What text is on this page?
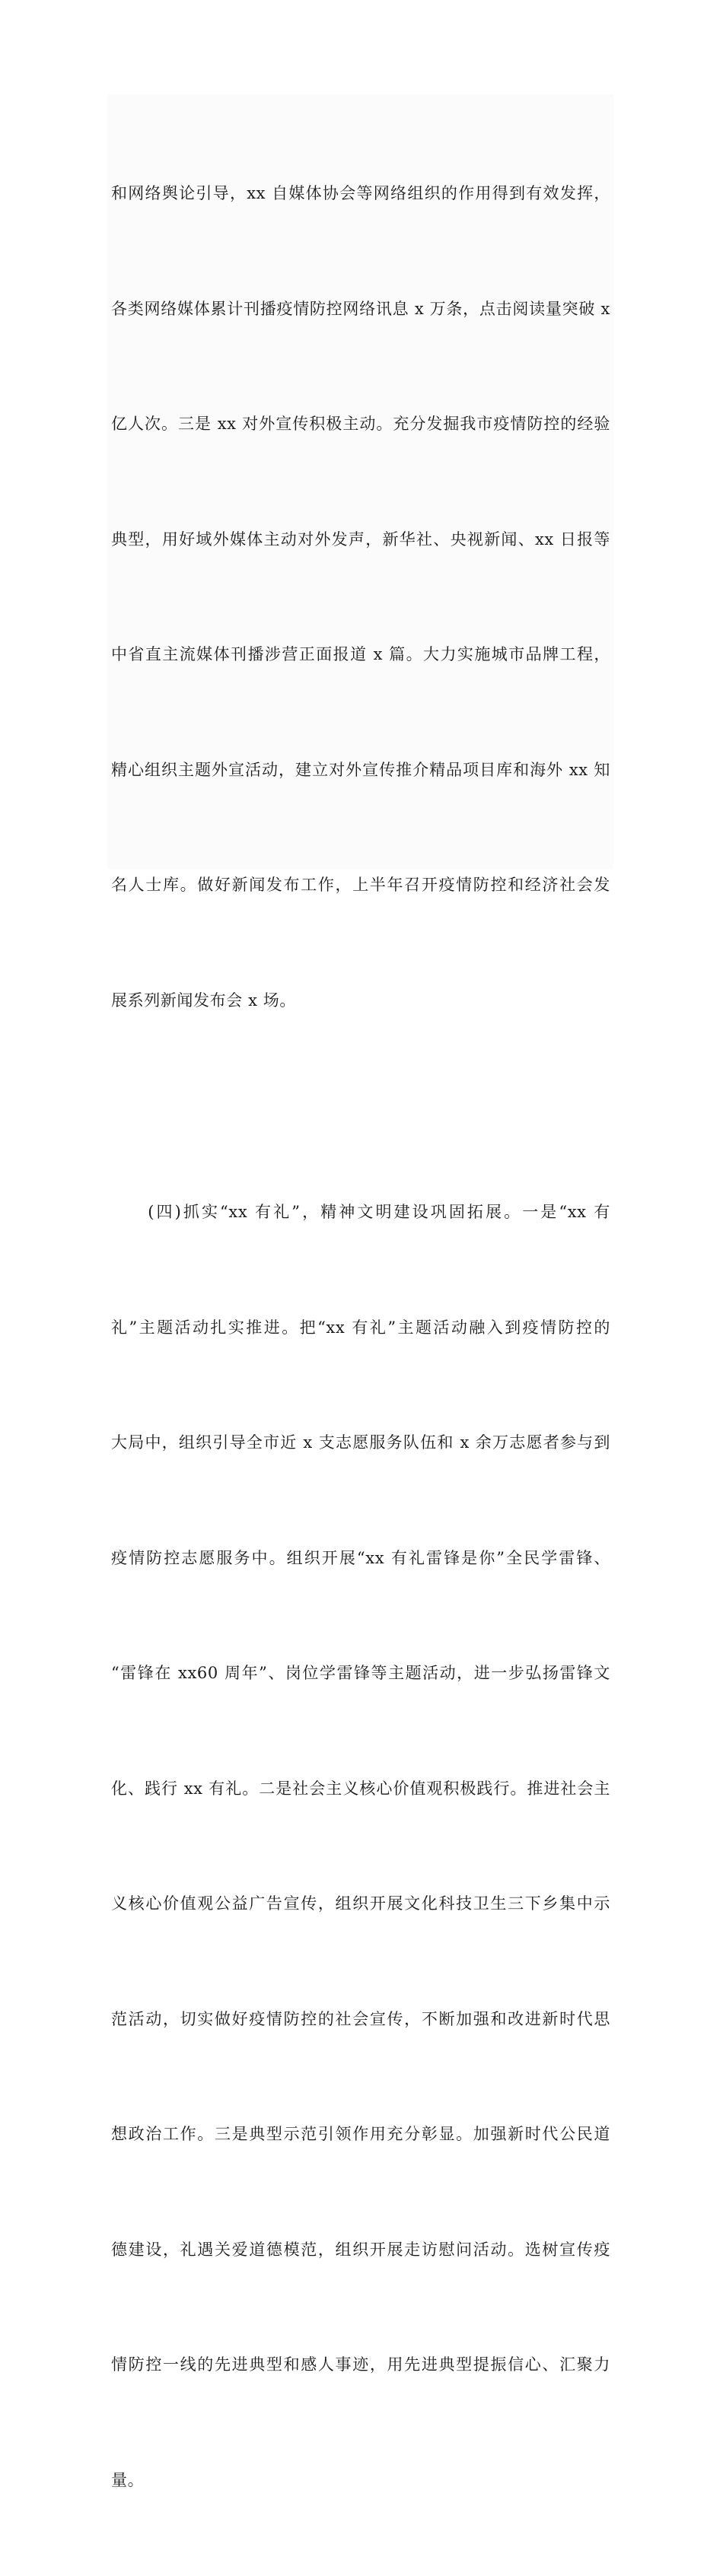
和网络舆论引导，xx 自媒体协会等网络组织的作用得到有效发挥，

各类网络媒体累计刊播疫情防控网络讯息 x 万条，点击阅读量突破 x

亿人次。三是 xx 对外宣传积极主动。充分发掘我市疫情防控的经验

典型，用好域外媒体主动对外发声，新华社、央视新闻、xx 日报等

中省直主流媒体刊播涉营正面报道 x 篇。大力实施城市品牌工程，

精心组织主题外宣活动，建立对外宣传推介精品项目库和海外 xx 知

名人士库。做好新闻发布工作，上半年召开疫情防控和经济社会发

展系列新闻发布会 x 场。

　　(四)抓实“xx 有礼”，精神文明建设巩固拓展。一是“xx 有

礼”主题活动扎实推进。把“xx 有礼”主题活动融入到疫情防控的

大局中，组织引导全市近 x 支志愿服务队伍和 x 余万志愿者参与到

疫情防控志愿服务中。组织开展“xx 有礼雷锋是你”全民学雷锋、

“雷锋在 xx60 周年”、岗位学雷锋等主题活动，进一步弘扬雷锋文

化、践行 xx 有礼。二是社会主义核心价值观积极践行。推进社会主

义核心价值观公益广告宣传，组织开展文化科技卫生三下乡集中示

范活动，切实做好疫情防控的社会宣传，不断加强和改进新时代思

想政治工作。三是典型示范引领作用充分彰显。加强新时代公民道

德建设，礼遇关爱道德模范，组织开展走访慰问活动。选树宣传疫

情防控一线的先进典型和感人事迹，用先进典型提振信心、汇聚力

量。
